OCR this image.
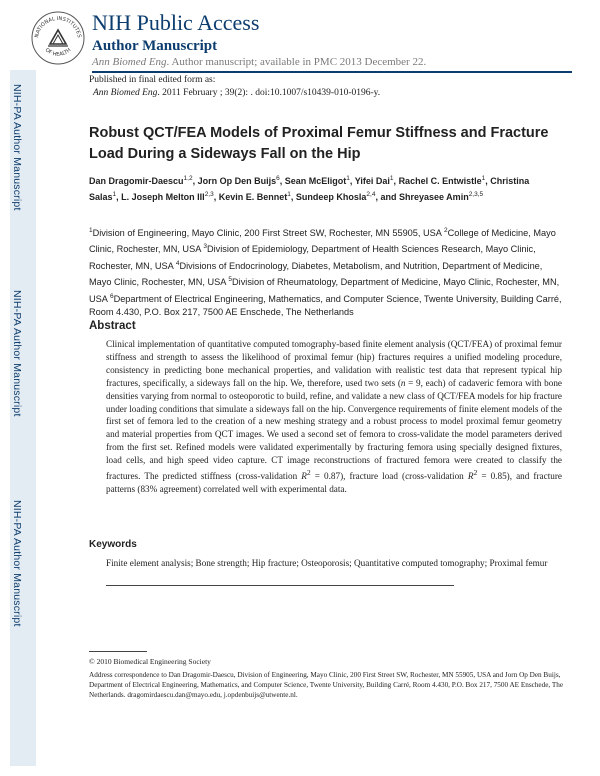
NATIONAL INSTITUTES
OF HEALTH
NIH Public Access
Author Manuscript
Ann Biomed Eng. Author manuscript; available in PMC 2013 December 22.
NIH-PA Author Manuscript
NIH-PA Author Manuscript
NIH-PA Author Manuscript
Published in final edited form as:
Ann Biomed Eng. 2011 February ; 39(2): . doi:10.1007/s10439-010-0196-y.
Robust QCT/FEA Models of Proximal Femur Stiffness and Fracture Load During a Sideways Fall on the Hip
Dan Dragomir-Daescu$^{1,2}$, Jorn Op Den Buijs$^6$, Sean McEligot$^1$, Yifei Dai$^1$, Rachel C. Entwistle$^1$, Christina Salas$^1$, L. Joseph Melton III$^{2,3}$, Kevin E. Bennet$^1$, Sundeep Khosla$^{2,4}$, and Shreyasee Amin$^{2,3,5}$
$^1$Division of Engineering, Mayo Clinic, 200 First Street SW, Rochester, MN 55905, USA $^2$College of Medicine, Mayo Clinic, Rochester, MN, USA $^3$Division of Epidemiology, Department of Health Sciences Research, Mayo Clinic, Rochester, MN, USA $^4$Divisions of Endocrinology, Diabetes, Metabolism, and Nutrition, Department of Medicine, Mayo Clinic, Rochester, MN, USA $^5$Division of Rheumatology, Department of Medicine, Mayo Clinic, Rochester, MN, USA $^6$Department of Electrical Engineering, Mathematics, and Computer Science, Twente University, Building Carré, Room 4.430, P.O. Box 217, 7500 AE Enschede, The Netherlands
Abstract
Clinical implementation of quantitative computed tomography-based finite element analysis (QCT/FEA) of proximal femur stiffness and strength to assess the likelihood of proximal femur (hip) fractures requires a unified modeling procedure, consistency in predicting bone mechanical properties, and validation with realistic test data that represent typical hip fractures, specifically, a sideways fall on the hip. We, therefore, used two sets (n = 9, each) of cadaveric femora with bone densities varying from normal to osteoporotic to build, refine, and validate a new class of QCT/FEA models for hip fracture under loading conditions that simulate a sideways fall on the hip. Convergence requirements of finite element models of the first set of femora led to the creation of a new meshing strategy and a robust process to model proximal femur geometry and material properties from QCT images. We used a second set of femora to cross-validate the model parameters derived from the first set. Refined models were validated experimentally by fracturing femora using specially designed fixtures, load cells, and high speed video capture. CT image reconstructions of fractured femora were created to classify the fractures. The predicted stiffness (cross-validation $R^2 = 0.87$), fracture load (cross-validation $R^2 = 0.85$), and fracture patterns (83% agreement) correlated well with experimental data.
Keywords
Finite element analysis; Bone strength; Hip fracture; Osteoporosis; Quantitative computed tomography; Proximal femur
© 2010 Biomedical Engineering Society
Address correspondence to Dan Dragomir-Daescu, Division of Engineering, Mayo Clinic, 200 First Street SW, Rochester, MN 55905, USA and Jorn Op Den Buijs, Department of Electrical Engineering, Mathematics, and Computer Science, Twente University, Building Carré, Room 4.430, P.O. Box 217, 7500 AE Enschede, The Netherlands. dragomirdaescu.dan@mayo.edu, j.opdenbuijs@utwente.nl.
